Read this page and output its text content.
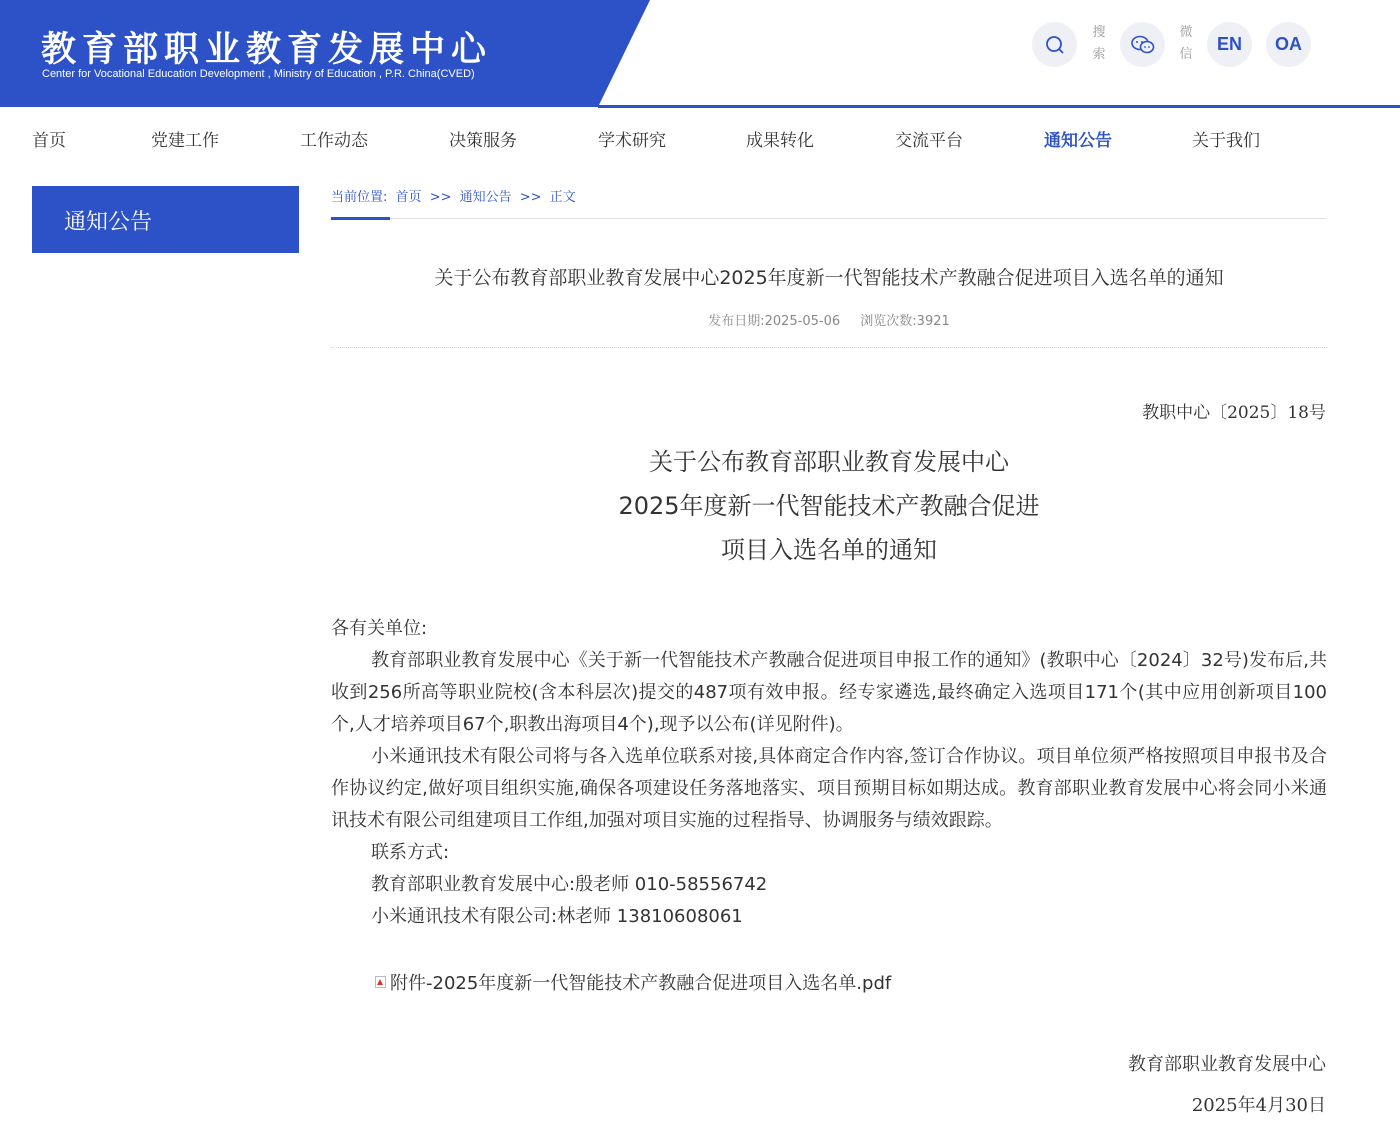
教育部职业教育发展中心
Center for Vocational Education Development , Ministry of Education , P.R. China(CVED)
搜索
微信
EN	OA
首页	党建工作	工作动态	决策服务	学术研究	成果转化	交流平台	通知公告	关于我们
通知公告
当前位置: 首页 >> 通知公告 >> 正文
关于公布教育部职业教育发展中心2025年度新一代智能技术产教融合促进项目入选名单的通知
发布日期:2025-05-06 浏览次数:3921
教职中心〔2025〕18号
关于公布教育部职业教育发展中心
2025年度新一代智能技术产教融合促进
项目入选名单的通知
各有关单位:
教育部职业教育发展中心《关于新一代智能技术产教融合促进项目申报工作的通知》(教职中心〔2024〕32号)发布后,共收到256所高等职业院校(含本科层次)提交的487项有效申报。经专家遴选,最终确定入选项目171个(其中应用创新项目100个,人才培养项目67个,职教出海项目4个),现予以公布(详见附件)。
小米通讯技术有限公司将与各入选单位联系对接,具体商定合作内容,签订合作协议。项目单位须严格按照项目申报书及合作协议约定,做好项目组织实施,确保各项建设任务落地落实、项目预期目标如期达成。教育部职业教育发展中心将会同小米通讯技术有限公司组建项目工作组,加强对项目实施的过程指导、协调服务与绩效跟踪。
联系方式:
教育部职业教育发展中心:殷老师 010-58556742
小米通讯技术有限公司:林老师 13810608061
附件-2025年度新一代智能技术产教融合促进项目入选名单.pdf
教育部职业教育发展中心
2025年4月30日
